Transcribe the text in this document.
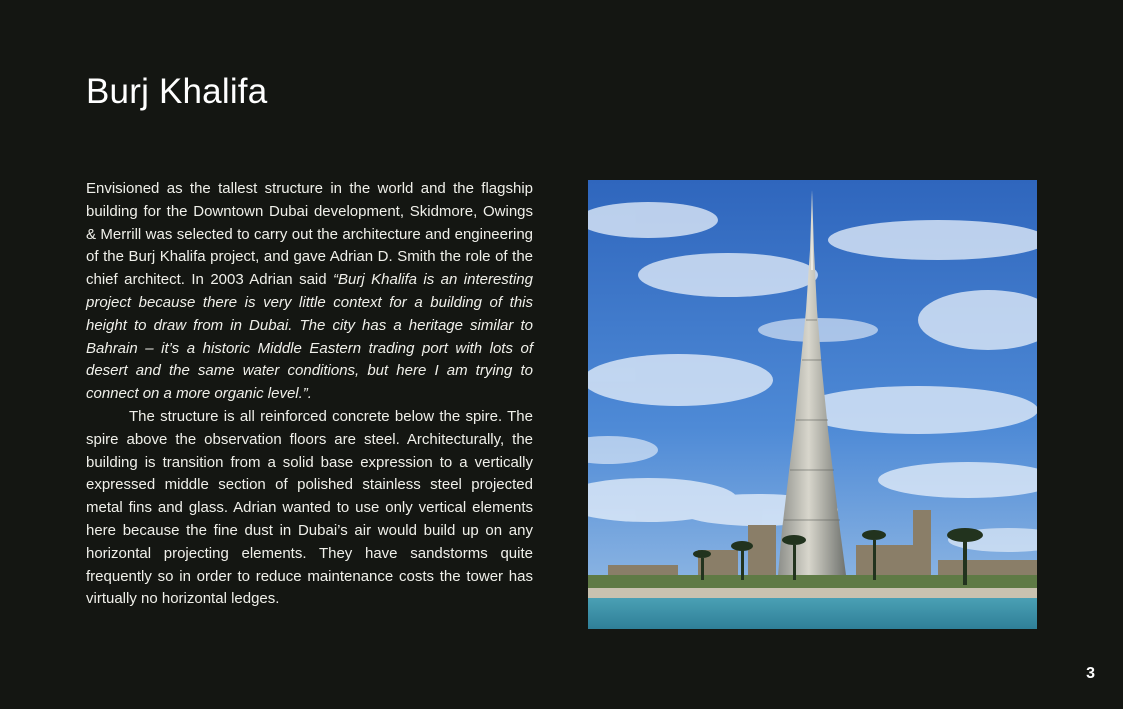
Burj Khalifa

Envisioned as the tallest structure in the world and the flagship building for the Downtown Dubai development, Skidmore, Owings & Merrill was selected to carry out the architecture and engineering of the Burj Khalifa project, and gave Adrian D. Smith the role of the chief architect. In 2003 Adrian said “Burj Khalifa is an interesting project because there is very little context for a building of this height to draw from in Dubai. The city has a heritage similar to Bahrain – it’s a historic Middle Eastern trading port with lots of desert and the same water conditions, but here I am trying to connect on a more organic level.”.

The structure is all reinforced concrete below the spire. The spire above the observation floors are steel. Architecturally, the building is transition from a solid base expression to a vertically expressed middle section of polished stainless steel projected metal fins and glass. Adrian wanted to use only vertical elements here because the fine dust in Dubai’s air would build up on any horizontal projecting elements. They have sandstorms quite frequently so in order to reduce maintenance costs the tower has virtually no horizontal ledges.

3
